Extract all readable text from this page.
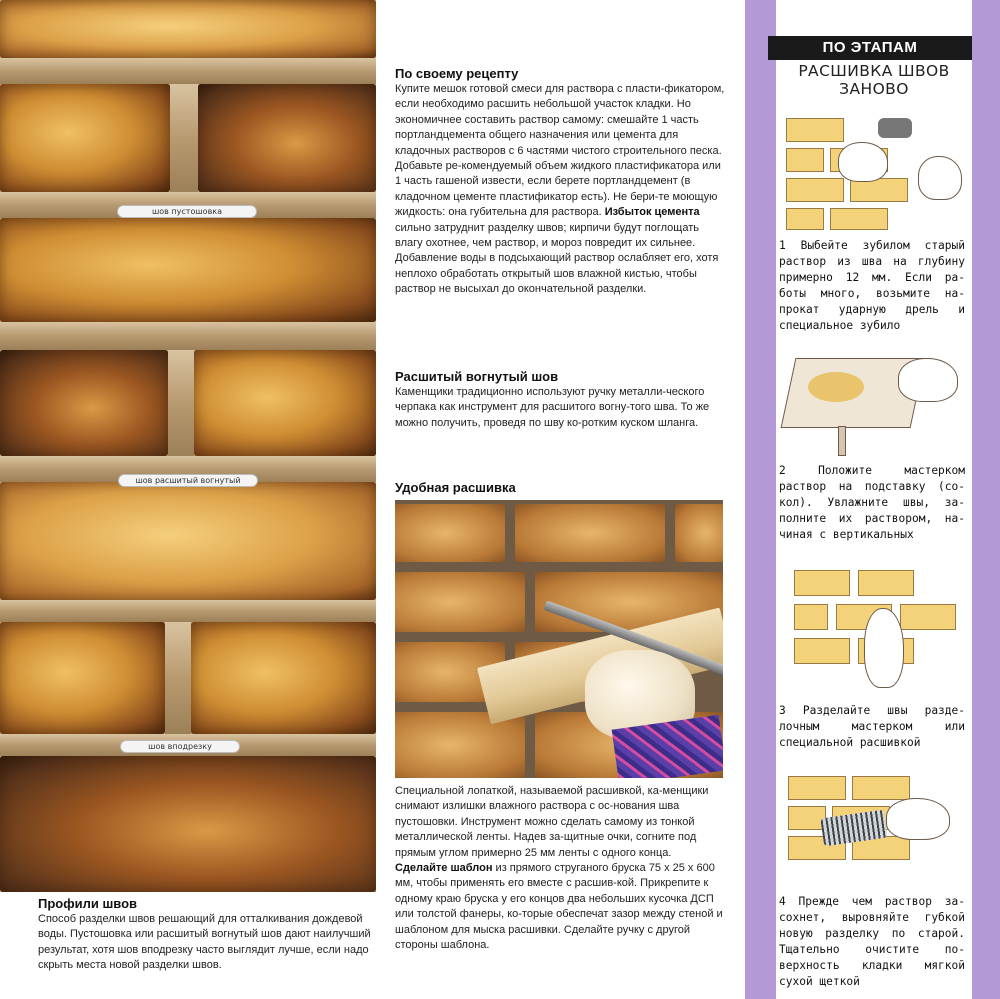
шов пустошовка
шов расшитый вогнутый
шов вподрезку
По своему рецепту
Купите мешок готовой смеси для раствора с пласти-фикатором, если необходимо расшить небольшой участок кладки. Но экономичнее составить раствор самому: смешайте 1 часть портландцемента общего назначения или цемента для кладочных растворов с 6 частями чистого строительного песка. Добавьте ре-комендуемый объем жидкого пластификатора или 1 часть гашеной извести, если берете портландцемент (в кладочном цементе пластификатор есть). Не бери-те моющую жидкость: она губительна для раствора. Избыток цемента сильно затруднит разделку швов; кирпичи будут поглощать влагу охотнее, чем раствор, и мороз повредит их сильнее. Добавление воды в подсыхающий раствор ослабляет его, хотя неплохо обработать открытый шов влажной кистью, чтобы раствор не высыхал до окончательной разделки.
Расшитый вогнутый шов
Каменщики традиционно используют ручку металли-ческого черпака как инструмент для расшитого вогну-того шва. То же можно получить, проведя по шву ко-ротким куском шланга.
Удобная расшивка
Специальной лопаткой, называемой расшивкой, ка-менщики снимают излишки влажного раствора с ос-нования шва пустошовки. Инструмент можно сделать самому из тонкой металлической ленты. Надев за-щитные очки, согните под прямым углом примерно 25 мм ленты с одного конца. Сделайте шаблон из прямого струганого бруска 75 х 25 х 600 мм, чтобы применять его вместе с расшив-кой. Прикрепите к одному краю бруска у его концов два небольших кусочка ДСП или толстой фанеры, ко-торые обеспечат зазор между стеной и шаблоном для мыска расшивки. Сделайте ручку с другой стороны шаблона.
Профили швов
Способ разделки швов решающий для отталкивания дождевой воды. Пустошовка или расшитый вогнутый шов дают наилучший результат, хотя шов вподрезку часто выглядит лучше, если надо скрыть места новой разделки швов.
ПО ЭТАПАМ
РАСШИВКА ШВОВ ЗАНОВО
1 Выбейте зубилом старый раствор из шва на глубину примерно 12 мм. Если ра-боты много, возьмите на-прокат ударную дрель и специальное зубило
2 Положите мастерком раствор на подставку (со-кол). Увлажните швы, за-полните их раствором, на-чиная с вертикальных
3 Разделайте швы разде-лочным мастерком или специальной расшивкой
4 Прежде чем раствор за-сохнет, выровняйте губкой новую разделку по старой. Тщательно очистите по-верхность кладки мягкой сухой щеткой
